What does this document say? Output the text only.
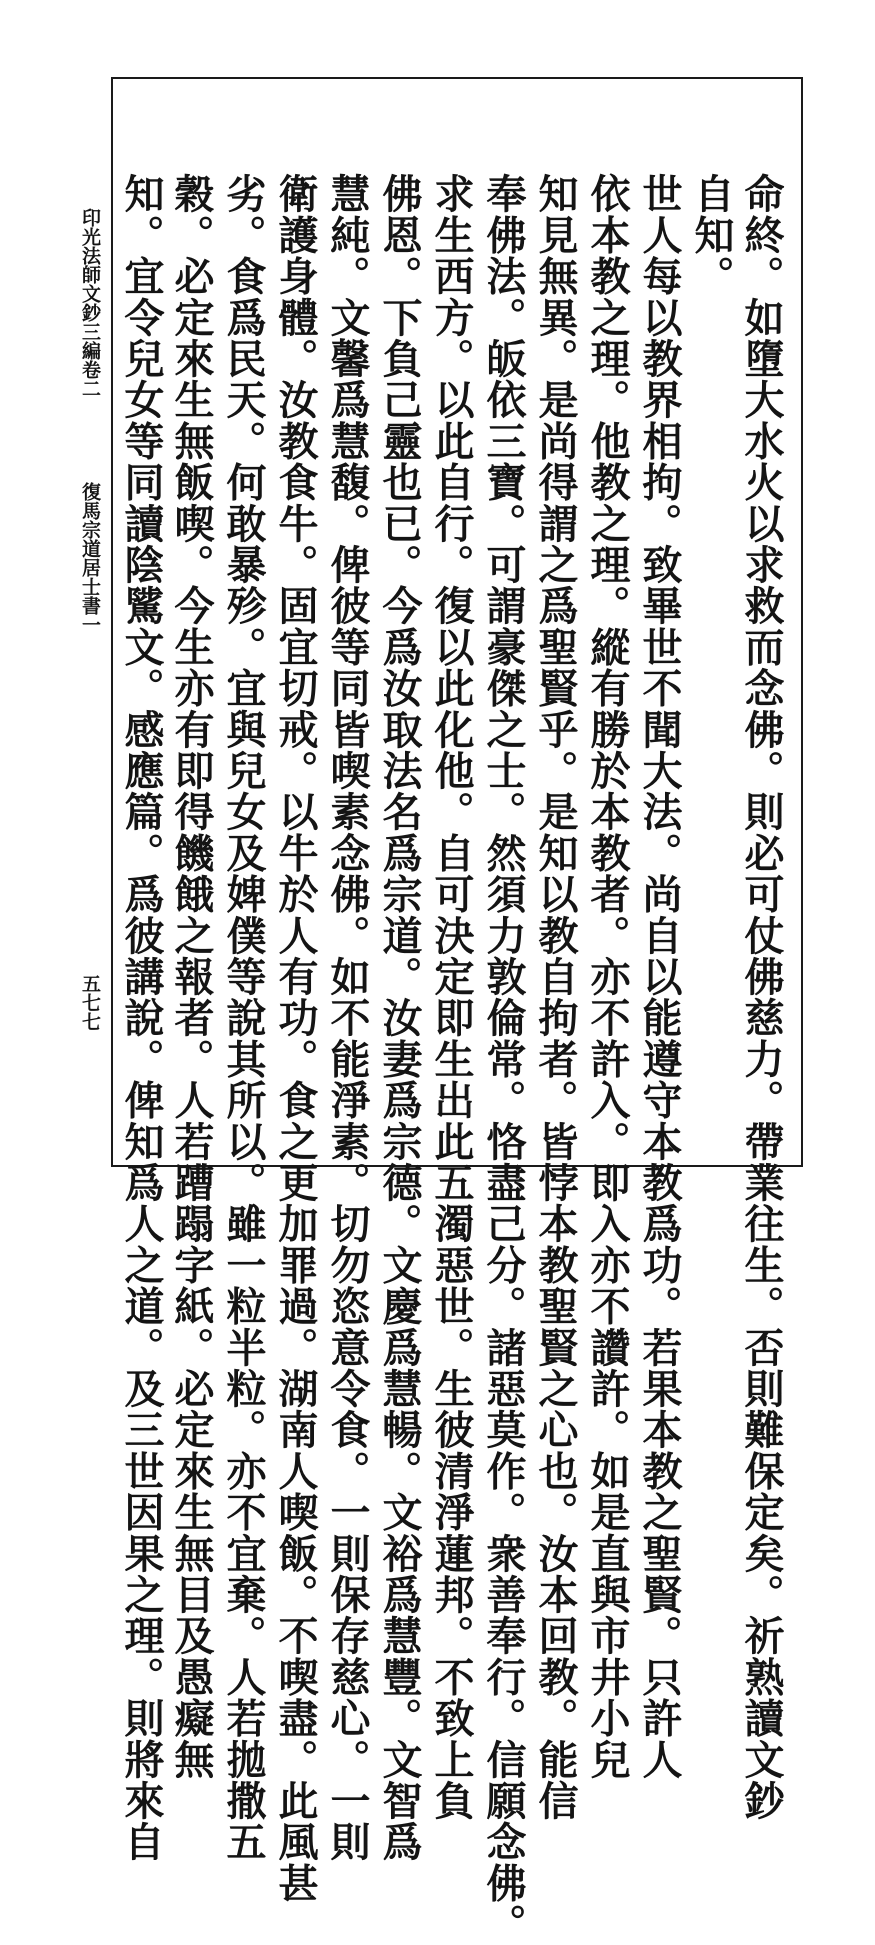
命終。如墮大水火以求救而念佛。則必可仗佛慈力。帶業往生。否則難保定矣。祈熟讀文鈔
自知。
世人每以教界相拘。致畢世不聞大法。尚自以能遵守本教爲功。若果本教之聖賢。只許人
依本教之理。他教之理。縱有勝於本教者。亦不許入。即入亦不讚許。如是直與市井小兒
知見無異。是尚得謂之爲聖賢乎。是知以教自拘者。皆悖本教聖賢之心也。汝本回教。能信
奉佛法。皈依三寶。可謂豪傑之士。然須力敦倫常。恪盡己分。諸惡莫作。衆善奉行。信願念佛。
求生西方。以此自行。復以此化他。自可決定即生出此五濁惡世。生彼清淨蓮邦。不致上負
佛恩。下負己靈也已。今爲汝取法名爲宗道。汝妻爲宗德。文慶爲慧暢。文裕爲慧豐。文智爲
慧純。文馨爲慧馥。俾彼等同皆喫素念佛。如不能淨素。切勿恣意令食。一則保存慈心。一則
衛護身體。汝教食牛。固宜切戒。以牛於人有功。食之更加罪過。湖南人喫飯。不喫盡。此風甚
劣。食爲民天。何敢暴殄。宜與兒女及婢僕等說其所以。雖一粒半粒。亦不宜棄。人若拋撒五
穀。必定來生無飯喫。今生亦有即得饑餓之報者。人若蹧蹋字紙。必定來生無目及愚癡無
知。宜令兒女等同讀陰騭文。感應篇。爲彼講說。俾知爲人之道。及三世因果之理。則將來自
印光法師文鈔三編卷二
復馬宗道居士書一
五七七
